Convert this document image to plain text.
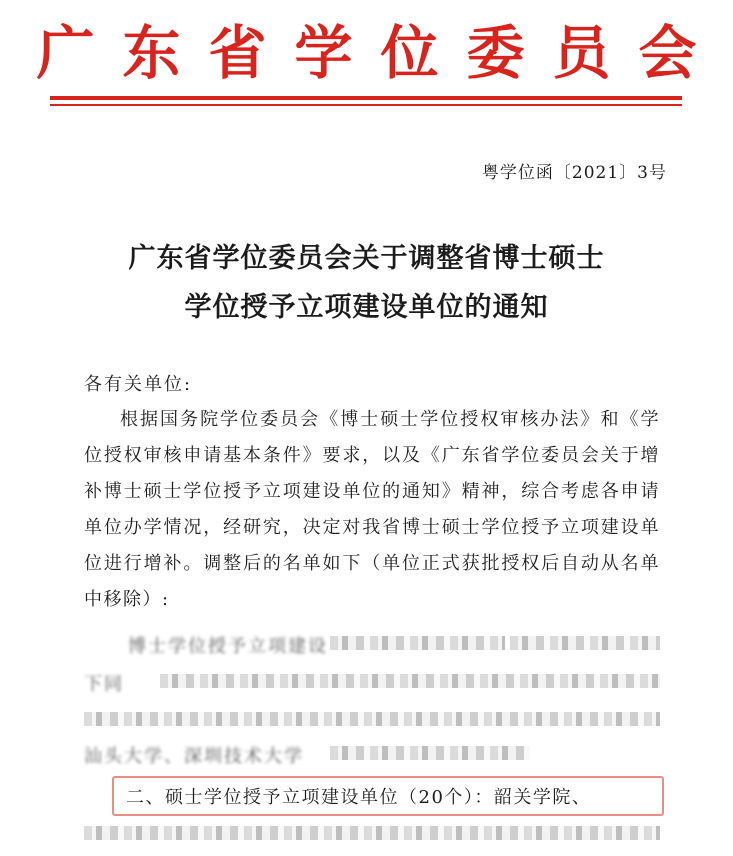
广东省学位委员会
粤学位函〔2021〕3号
广东省学位委员会关于调整省博士硕士
学位授予立项建设单位的通知
各有关单位:
根据国务院学位委员会《博士硕士学位授权审核办法》和《学位授权审核申请基本条件》要求，以及《广东省学位委员会关于增补博士硕士学位授予立项建设单位的通知》精神，综合考虑各申请单位办学情况，经研究，决定对我省博士硕士学位授予立项建设单位进行增补。调整后的名单如下（单位正式获批授权后自动从名单中移除）:
博士学位授予立项建设
下同
汕头大学、深圳技术大学
二、硕士学位授予立项建设单位（20个）：韶关学院、
